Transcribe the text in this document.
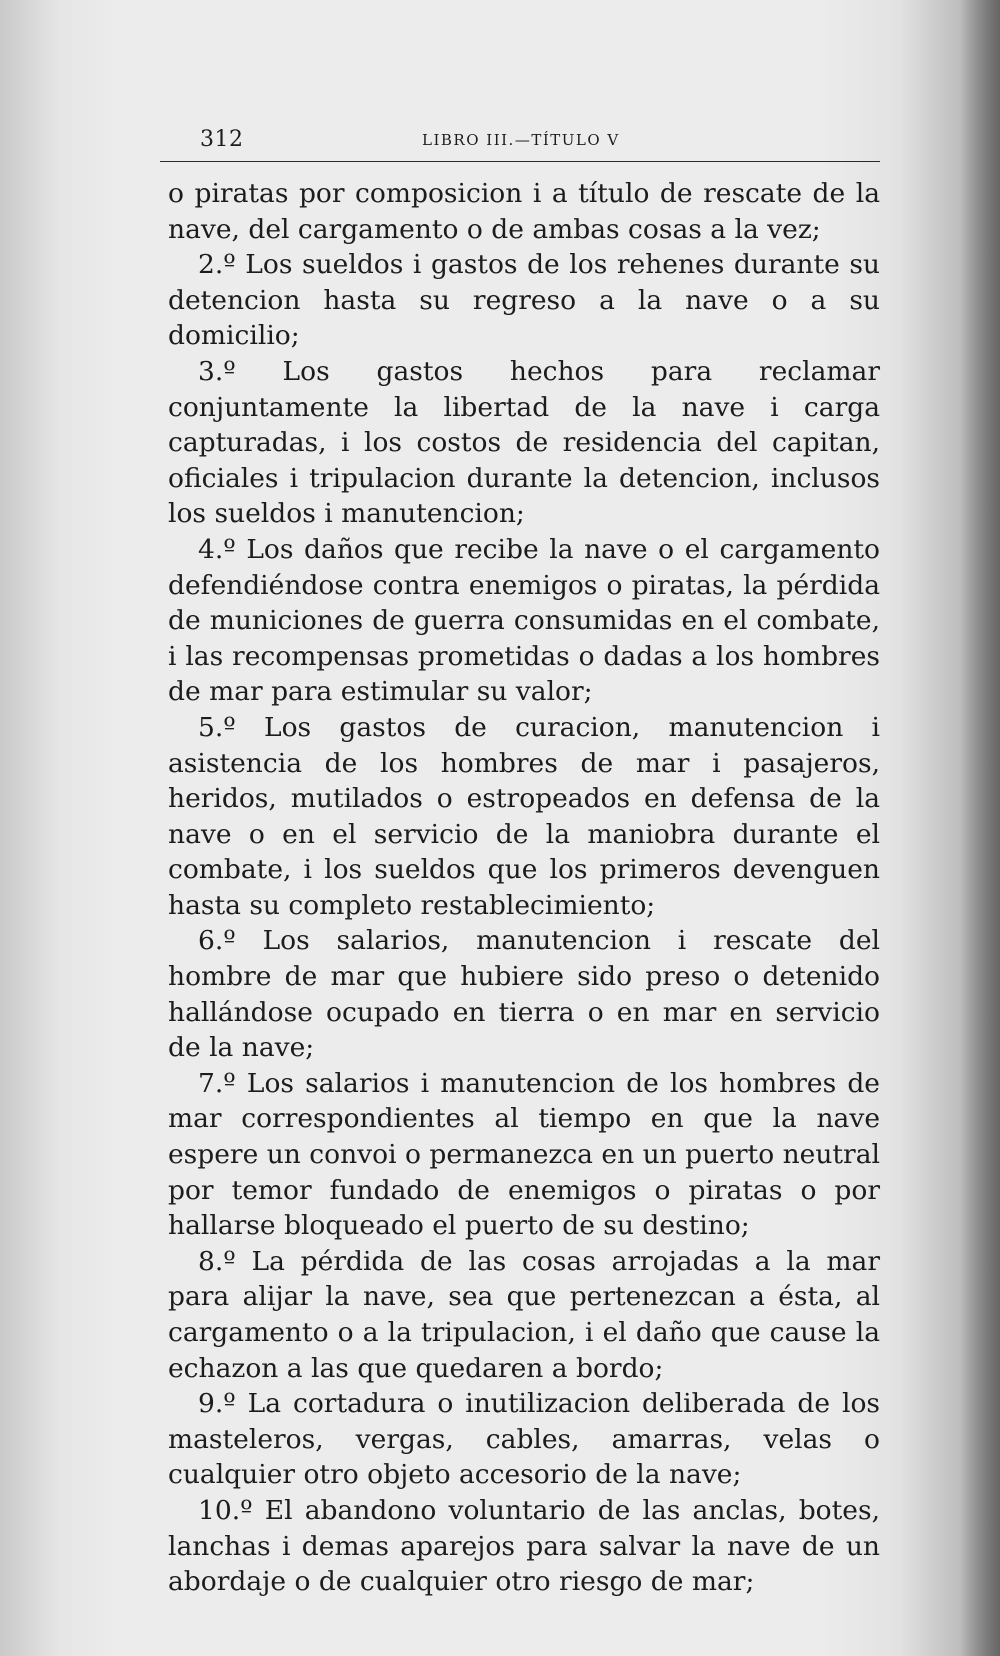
312	LIBRO III.—TÍTULO V

o piratas por composicion i a título de rescate de la nave, del cargamento o de ambas cosas a la vez;

2.º Los sueldos i gastos de los rehenes durante su detencion hasta su regreso a la nave o a su domicilio;

3.º Los gastos hechos para reclamar conjuntamente la libertad de la nave i carga capturadas, i los costos de residencia del capitan, oficiales i tripulacion durante la detencion, inclusos los sueldos i manutencion;

4.º Los daños que recibe la nave o el cargamento defendiéndose contra enemigos o piratas, la pérdida de municiones de guerra consumidas en el combate, i las recompensas prometidas o dadas a los hombres de mar para estimular su valor;

5.º Los gastos de curacion, manutencion i asistencia de los hombres de mar i pasajeros, heridos, mutilados o estropeados en defensa de la nave o en el servicio de la maniobra durante el combate, i los sueldos que los primeros devenguen hasta su completo restablecimiento;

6.º Los salarios, manutencion i rescate del hombre de mar que hubiere sido preso o detenido hallándose ocupado en tierra o en mar en servicio de la nave;

7.º Los salarios i manutencion de los hombres de mar correspondientes al tiempo en que la nave espere un convoi o permanezca en un puerto neutral por temor fundado de enemigos o piratas o por hallarse bloqueado el puerto de su destino;

8.º La pérdida de las cosas arrojadas a la mar para alijar la nave, sea que pertenezcan a ésta, al cargamento o a la tripulacion, i el daño que cause la echazon a las que quedaren a bordo;

9.º La cortadura o inutilizacion deliberada de los masteleros, vergas, cables, amarras, velas o cualquier otro objeto accesorio de la nave;

10.º El abandono voluntario de las anclas, botes, lanchas i demas aparejos para salvar la nave de un abordaje o de cualquier otro riesgo de mar;
